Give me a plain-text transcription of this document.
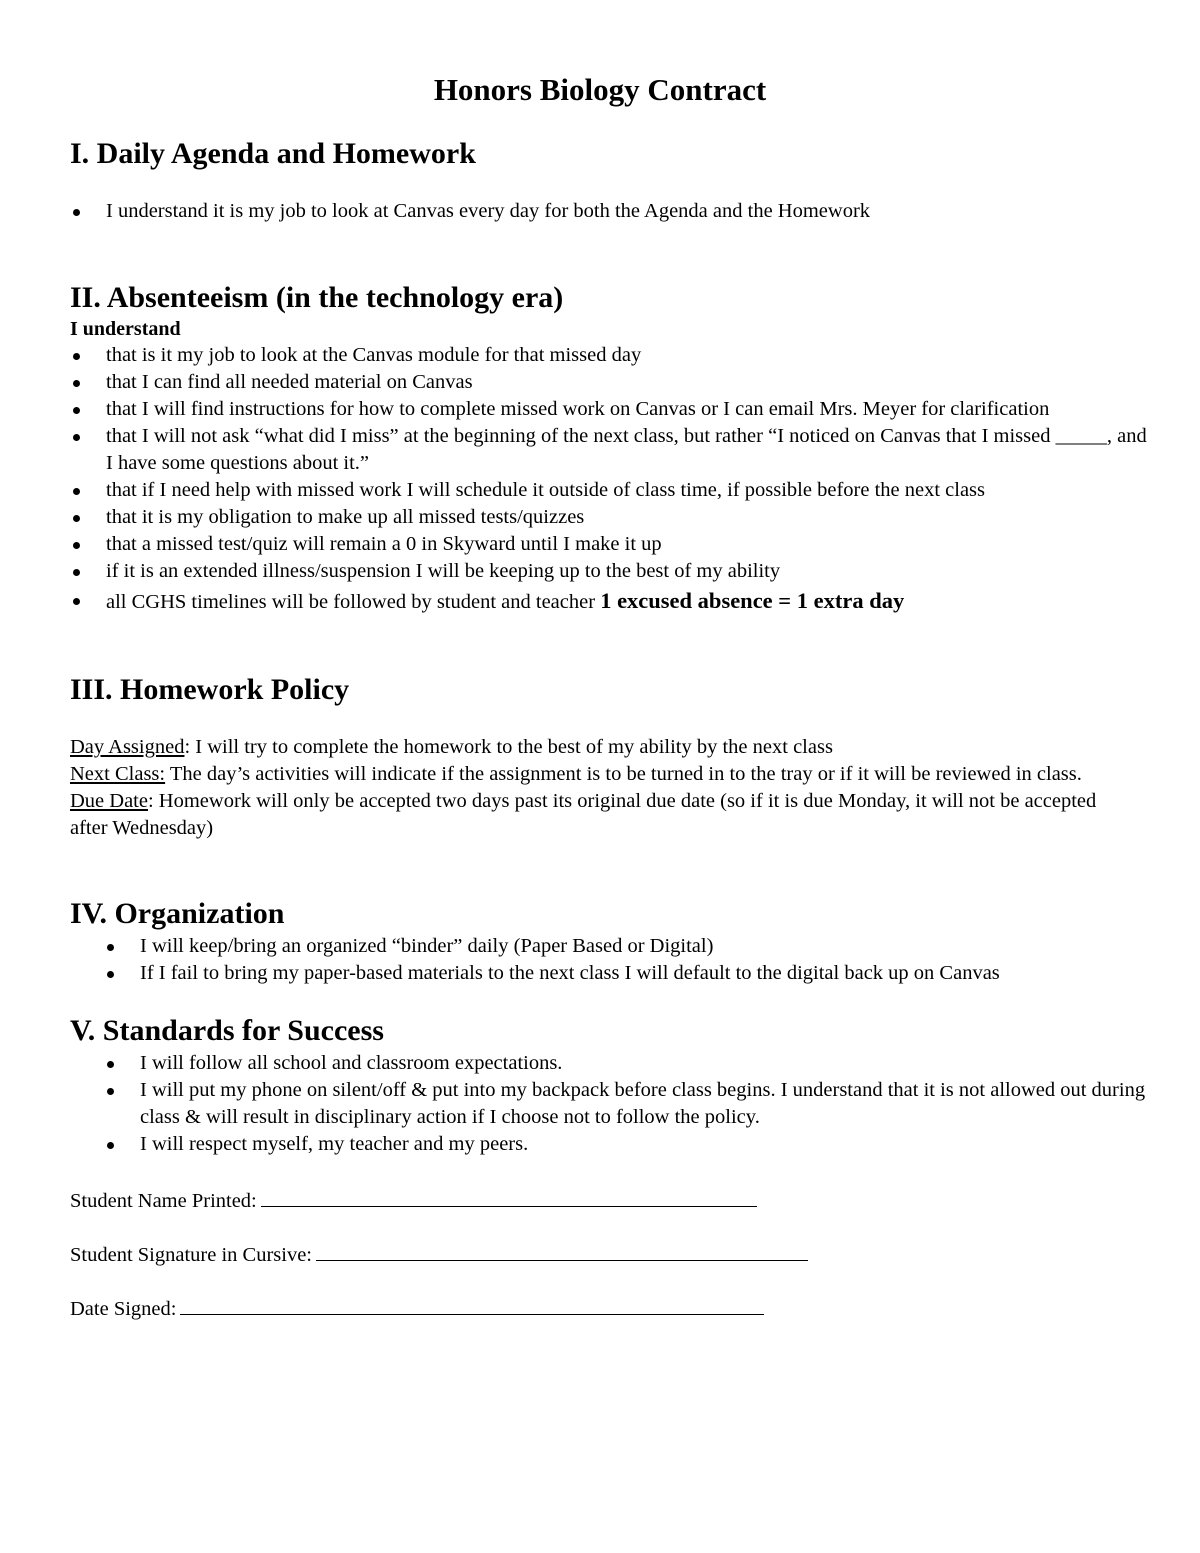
Honors Biology Contract
I. Daily Agenda and Homework
I understand it is my job to look at Canvas every day for both the Agenda and the Homework
II. Absenteeism (in the technology era)
I understand
that is it my job to look at the Canvas module for that missed day
that I can find all needed material on Canvas
that I will find instructions for how to complete missed work on Canvas or I can email Mrs. Meyer for clarification
that I will not ask “what did I miss” at the beginning of the next class, but rather “I noticed on Canvas that I missed _____, and I have some questions about it.”
that if I need help with missed work I will schedule it outside of class time, if possible before the next class
that it is my obligation to make up all missed tests/quizzes
that a missed test/quiz will remain a 0 in Skyward until I make it up
if it is an extended illness/suspension I will be keeping up to the best of my ability
all CGHS timelines will be followed by student and teacher 1 excused absence = 1 extra day
III. Homework Policy
Day Assigned: I will try to complete the homework to the best of my ability by the next class
Next Class: The day’s activities will indicate if the assignment is to be turned in to the tray or if it will be reviewed in class.
Due Date: Homework will only be accepted two days past its original due date (so if it is due Monday, it will not be accepted after Wednesday)
IV. Organization
I will keep/bring an organized “binder” daily (Paper Based or Digital)
If I fail to bring my paper-based materials to the next class I will default to the digital back up on Canvas
V. Standards for Success
I will follow all school and classroom expectations.
I will put my phone on silent/off & put into my backpack before class begins. I understand that it is not allowed out during class & will result in disciplinary action if I choose not to follow the policy.
I will respect myself, my teacher and my peers.
Student Name Printed:
Student Signature in Cursive:
Date Signed:
